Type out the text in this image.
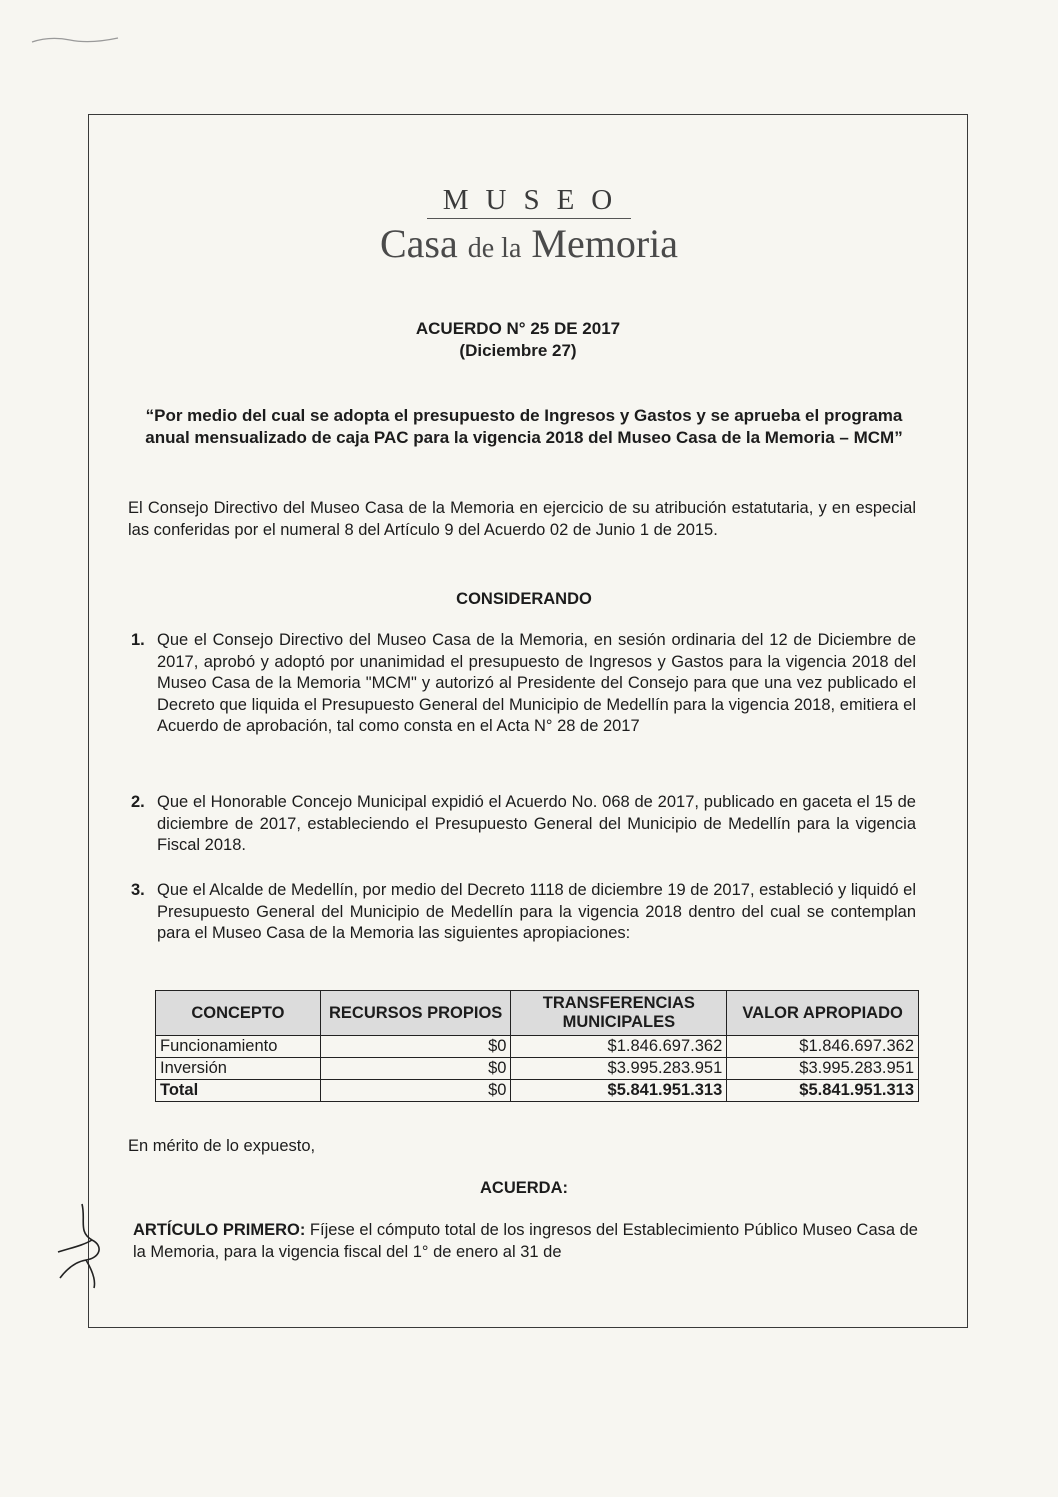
MUSEO
Casa de la Memoria
ACUERDO N° 25 DE 2017
(Diciembre 27)
“Por medio del cual se adopta el presupuesto de Ingresos y Gastos y se aprueba el programa anual mensualizado de caja PAC para la vigencia 2018 del Museo Casa de la Memoria – MCM”
El Consejo Directivo del Museo Casa de la Memoria en ejercicio de su atribución estatutaria, y en especial las conferidas por el numeral 8 del Artículo 9 del Acuerdo 02 de Junio 1 de 2015.
CONSIDERANDO
1. Que el Consejo Directivo del Museo Casa de la Memoria, en sesión ordinaria del 12 de Diciembre de 2017, aprobó y adoptó por unanimidad el presupuesto de Ingresos y Gastos para la vigencia 2018 del Museo Casa de la Memoria "MCM" y autorizó al Presidente del Consejo para que una vez publicado el Decreto que liquida el Presupuesto General del Municipio de Medellín para la vigencia 2018, emitiera el Acuerdo de aprobación, tal como consta en el Acta N° 28 de 2017
2. Que el Honorable Concejo Municipal expidió el Acuerdo No. 068 de 2017, publicado en gaceta el 15 de diciembre de 2017, estableciendo el Presupuesto General del Municipio de Medellín para la vigencia Fiscal 2018.
3. Que el Alcalde de Medellín, por medio del Decreto 1118 de diciembre 19 de 2017, estableció y liquidó el Presupuesto General del Municipio de Medellín para la vigencia 2018 dentro del cual se contemplan para el Museo Casa de la Memoria las siguientes apropiaciones:
CONCEPTO	RECURSOS PROPIOS	TRANSFERENCIAS MUNICIPALES	VALOR APROPIADO
Funcionamiento	$0	$1.846.697.362	$1.846.697.362
Inversión	$0	$3.995.283.951	$3.995.283.951
Total	$0	$5.841.951.313	$5.841.951.313
En mérito de lo expuesto,
ACUERDA:
ARTÍCULO PRIMERO: Fíjese el cómputo total de los ingresos del Establecimiento Público Museo Casa de la Memoria, para la vigencia fiscal del 1° de enero al 31 de
